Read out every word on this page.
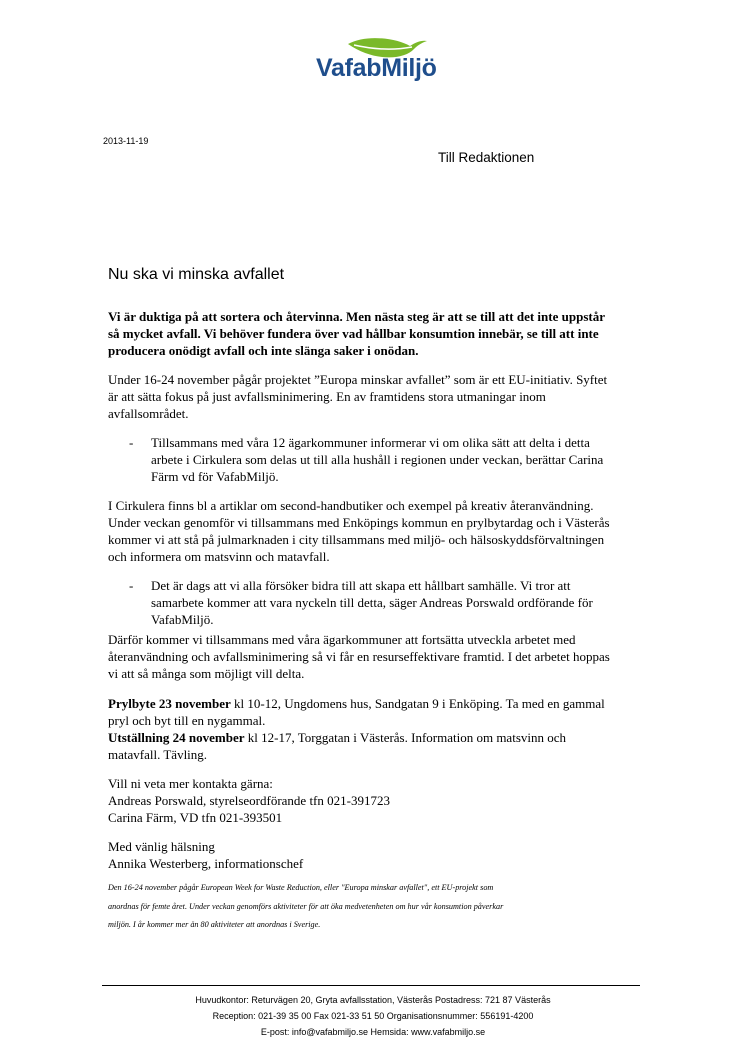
VafabMiljö
2013-11-19
Till Redaktionen
Nu ska vi minska avfallet
Vi är duktiga på att sortera och återvinna. Men nästa steg är att se till att det inte uppstår
så mycket avfall. Vi behöver fundera över vad hållbar konsumtion innebär, se till att inte
producera onödigt avfall och inte slänga saker i onödan.
Under 16-24 november pågår projektet ”Europa minskar avfallet” som är ett EU-initiativ. Syftet
är att sätta fokus på just avfallsminimering. En av framtidens stora utmaningar inom
avfallsområdet.
- Tillsammans med våra 12 ägarkommuner informerar vi om olika sätt att delta i detta
arbete i Cirkulera som delas ut till alla hushåll i regionen under veckan, berättar Carina
Färm vd för VafabMiljö.
I Cirkulera finns bl a artiklar om second-handbutiker och exempel på kreativ återanvändning.
Under veckan genomför vi tillsammans med Enköpings kommun en prylbytardag och i Västerås
kommer vi att stå på julmarknaden i city tillsammans med miljö- och hälsoskyddsförvaltningen
och informera om matsvinn och matavfall.
- Det är dags att vi alla försöker bidra till att skapa ett hållbart samhälle. Vi tror att
samarbete kommer att vara nyckeln till detta, säger Andreas Porswald ordförande för
VafabMiljö.
Därför kommer vi tillsammans med våra ägarkommuner att fortsätta utveckla arbetet med
återanvändning och avfallsminimering så vi får en resurseffektivare framtid. I det arbetet hoppas
vi att så många som möjligt vill delta.
Prylbyte 23 november kl 10-12, Ungdomens hus, Sandgatan 9 i Enköping. Ta med en gammal
pryl och byt till en nygammal.
Utställning 24 november kl 12-17, Torggatan i Västerås. Information om matsvinn och
matavfall. Tävling.
Vill ni veta mer kontakta gärna:
Andreas Porswald, styrelseordförande tfn 021-391723
Carina Färm, VD tfn 021-393501
Med vänlig hälsning
Annika Westerberg, informationschef
Den 16-24 november pågår European Week for Waste Reduction, eller "Europa minskar avfallet", ett EU-projekt som
anordnas för femte året. Under veckan genomförs aktiviteter för att öka medvetenheten om hur vår konsumtion påverkar
miljön. I år kommer mer än 80 aktiviteter att anordnas i Sverige.
Huvudkontor: Returvägen 20, Gryta avfallsstation, Västerås Postadress: 721 87 Västerås
Reception: 021-39 35 00 Fax 021-33 51 50 Organisationsnummer: 556191-4200
E-post: info@vafabmiljo.se Hemsida: www.vafabmiljo.se
